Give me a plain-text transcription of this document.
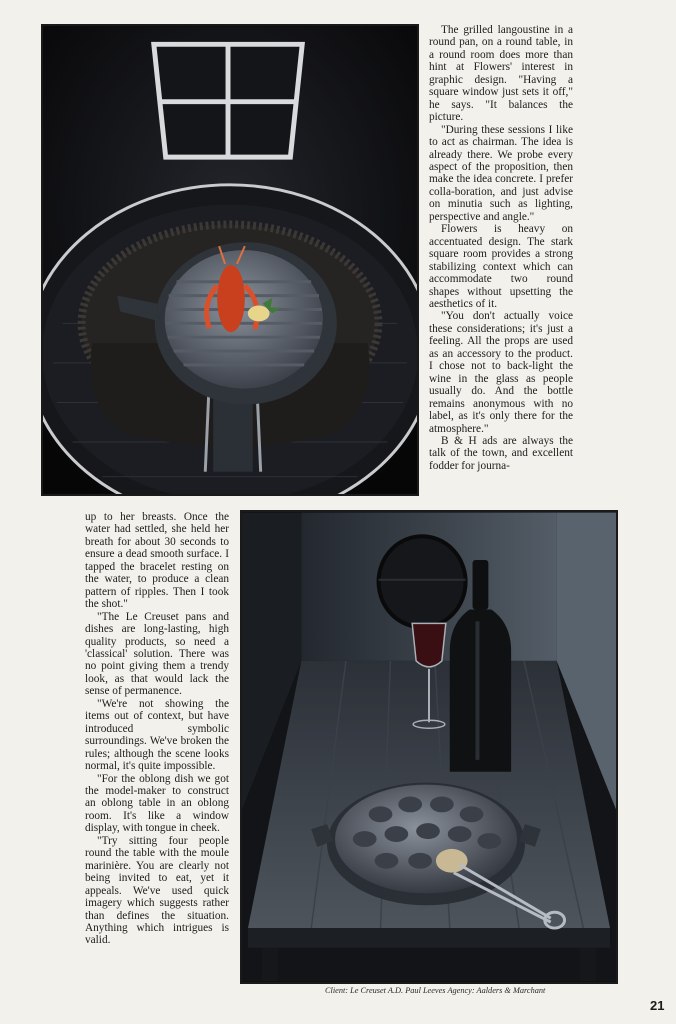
The grilled langoustine in a round pan, on a round table, in a round room does more than hint at Flowers' interest in graphic design. "Having a square window just sets it off," he says. "It balances the picture.

"During these sessions I like to act as chairman. The idea is already there. We probe every aspect of the proposition, then make the idea concrete. I prefer colla-boration, and just advise on minutia such as lighting, perspective and angle."

Flowers is heavy on accentuated design. The stark square room provides a strong stabilizing context which can accommodate two round shapes without upsetting the aesthetics of it.

"You don't actually voice these considerations; it's just a feeling. All the props are used as an accessory to the product. I chose not to back-light the wine in the glass as people usually do. And the bottle remains anonymous with no label, as it's only there for the atmosphere."

B & H ads are always the talk of the town, and excellent fodder for journa-

up to her breasts. Once the water had settled, she held her breath for about 30 seconds to ensure a dead smooth surface. I tapped the bracelet resting on the water, to produce a clean pattern of ripples. Then I took the shot."

"The Le Creuset pans and dishes are long-lasting, high quality products, so need a 'classical' solution. There was no point giving them a trendy look, as that would lack the sense of permanence.

"We're not showing the items out of context, but have introduced symbolic surroundings. We've broken the rules; although the scene looks normal, it's quite impossible.

"For the oblong dish we got the model-maker to construct an oblong table in an oblong room. It's like a window display, with tongue in cheek.

"Try sitting four people round the table with the moule marinière. You are clearly not being invited to eat, yet it appeals. We've used quick imagery which suggests rather than defines the situation. Anything which intrigues is valid.

Client: Le Creuset A.D. Paul Leeves Agency: Aalders & Marchant
21
